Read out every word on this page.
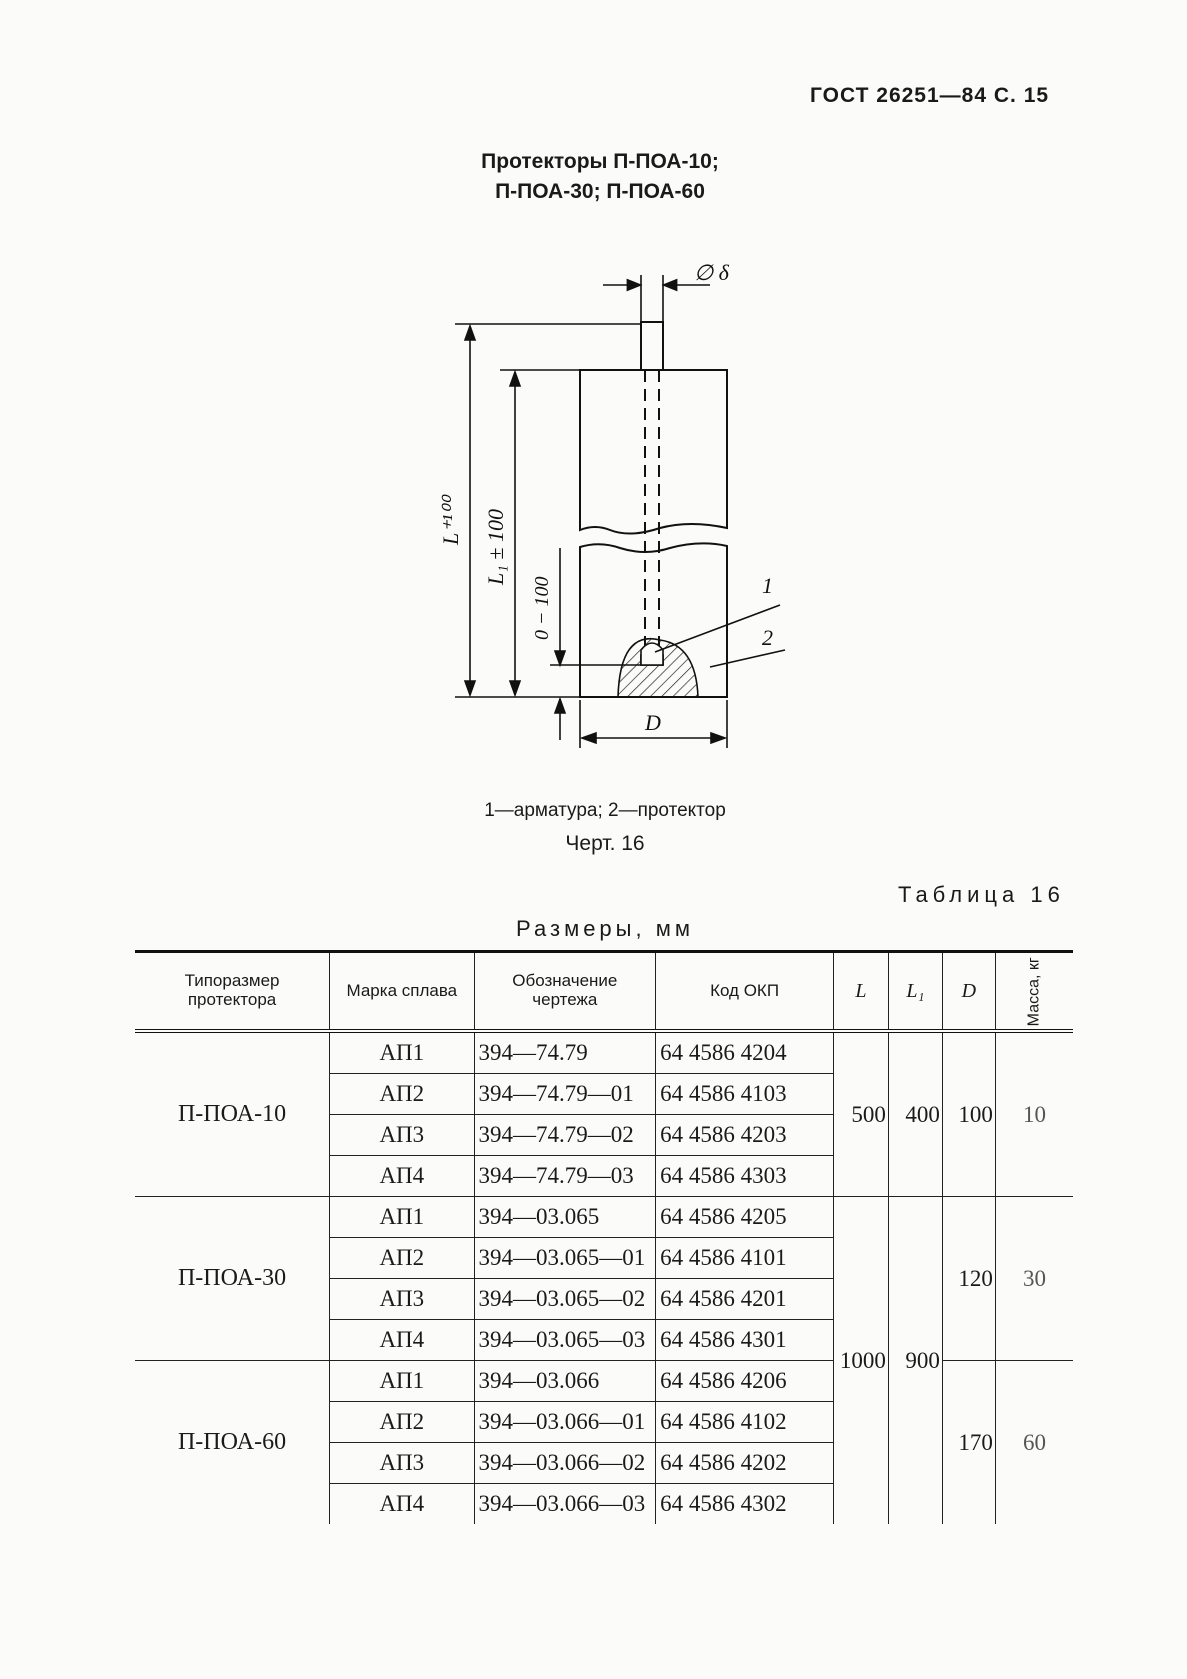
ГОСТ 26251—84 С. 15
Протекторы П-ПОА-10;
П-ПОА-30; П-ПОА-60
∅ δ
L⁺¹⁰⁰ L₁ ± 100
0 − 100
D
1
2
1—арматура; 2—протектор
Черт. 16
Таблица 16
Размеры, мм
Типоразмер протектора	Марка сплава	Обозначение чертежа	Код ОКП	L	L₁	D	Масса, кг
П-ПОА-10	АП1	394—74.79	64 4586 4204	500	400	100	10
	АП2	394—74.79—01	64 4586 4103				
	АП3	394—74.79—02	64 4586 4203				
	АП4	394—74.79—03	64 4586 4303				
П-ПОА-30	АП1	394—03.065	64 4586 4205	1000	900	120	30
	АП2	394—03.065—01	64 4586 4101				
	АП3	394—03.065—02	64 4586 4201				
	АП4	394—03.065—03	64 4586 4301				
П-ПОА-60	АП1	394—03.066	64 4586 4206			170	60
	АП2	394—03.066—01	64 4586 4102				
	АП3	394—03.066—02	64 4586 4202				
	АП4	394—03.066—03	64 4586 4302				
